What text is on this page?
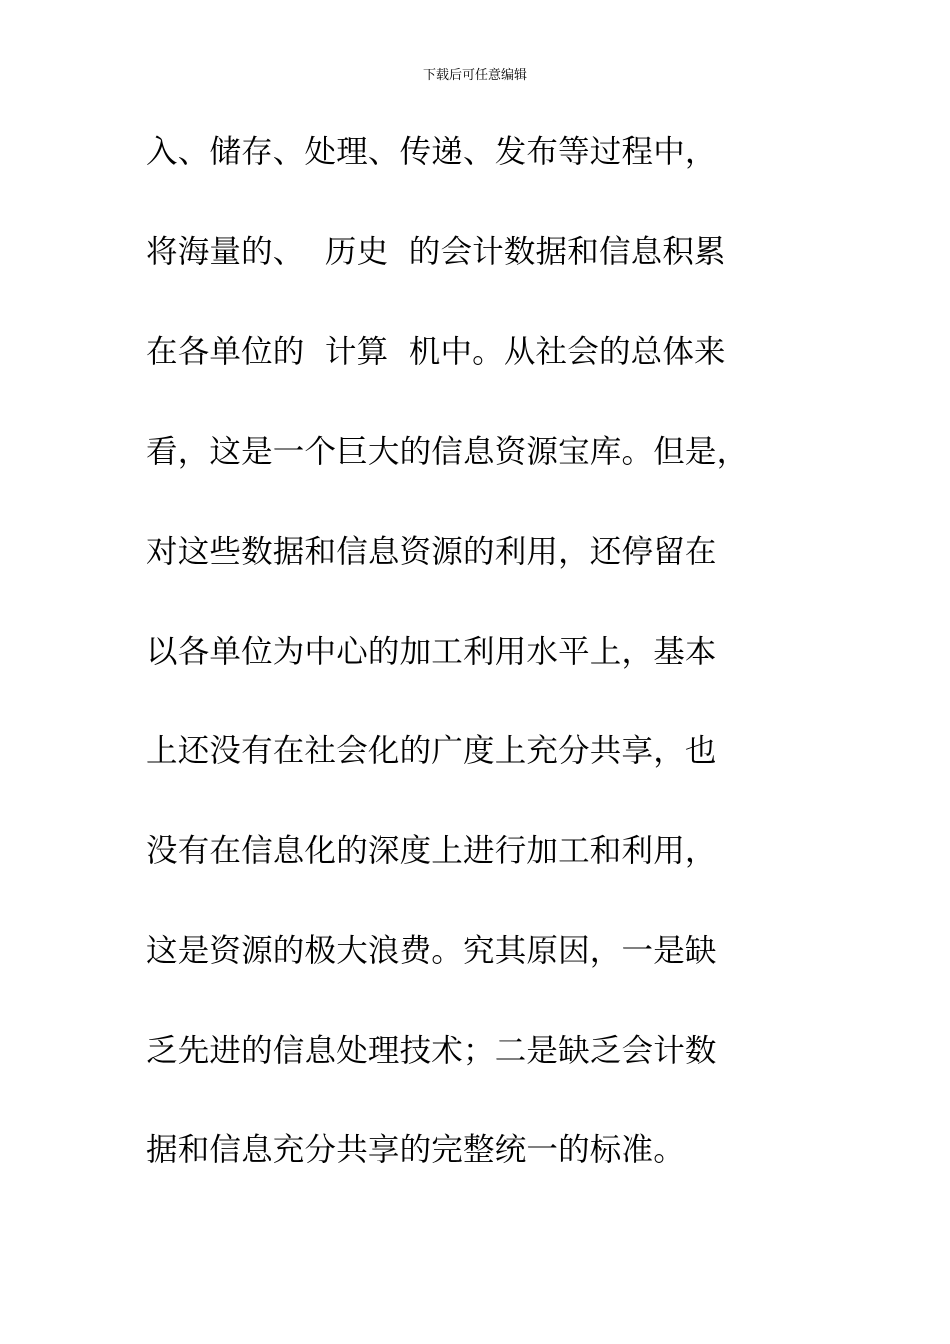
下载后可任意编辑
入、储存、处理、传递、发布等过程中，
将海量的、  历史  的会计数据和信息积累
在各单位的  计算  机中。从社会的总体来
看，这是一个巨大的信息资源宝库。但是，
对这些数据和信息资源的利用，还停留在
以各单位为中心的加工利用水平上，基本
上还没有在社会化的广度上充分共享，也
没有在信息化的深度上进行加工和利用，
这是资源的极大浪费。究其原因，一是缺
乏先进的信息处理技术；二是缺乏会计数
据和信息充分共享的完整统一的标准。
